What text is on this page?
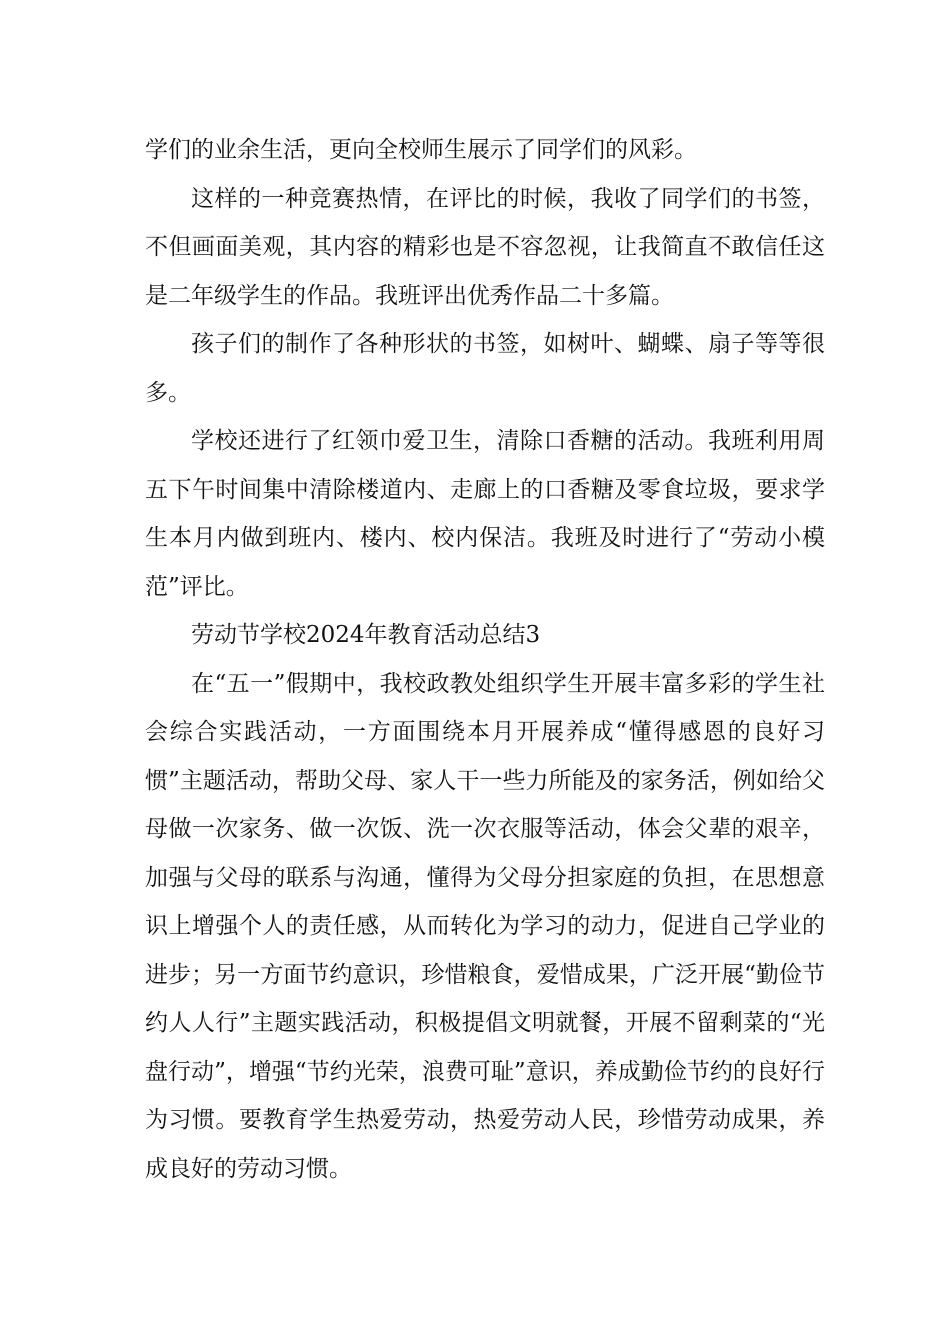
学们的业余生活，更向全校师生展示了同学们的风彩。

这样的一种竞赛热情，在评比的时候，我收了同学们的书签，不但画面美观，其内容的精彩也是不容忽视，让我简直不敢信任这是二年级学生的作品。我班评出优秀作品二十多篇。

孩子们的制作了各种形状的书签，如树叶、蝴蝶、扇子等等很多。

学校还进行了红领巾爱卫生，清除口香糖的活动。我班利用周五下午时间集中清除楼道内、走廊上的口香糖及零食垃圾，要求学生本月内做到班内、楼内、校内保洁。我班及时进行了“劳动小模范”评比。

劳动节学校2024年教育活动总结3

在“五一”假期中，我校政教处组织学生开展丰富多彩的学生社会综合实践活动，一方面围绕本月开展养成“懂得感恩的良好习惯”主题活动，帮助父母、家人干一些力所能及的家务活，例如给父母做一次家务、做一次饭、洗一次衣服等活动，体会父辈的艰辛，加强与父母的联系与沟通，懂得为父母分担家庭的负担，在思想意识上增强个人的责任感，从而转化为学习的动力，促进自己学业的进步；另一方面节约意识，珍惜粮食，爱惜成果，广泛开展“勤俭节约人人行”主题实践活动，积极提倡文明就餐，开展不留剩菜的“光盘行动”，增强“节约光荣，浪费可耻”意识，养成勤俭节约的良好行为习惯。要教育学生热爱劳动，热爱劳动人民，珍惜劳动成果，养成良好的劳动习惯。
